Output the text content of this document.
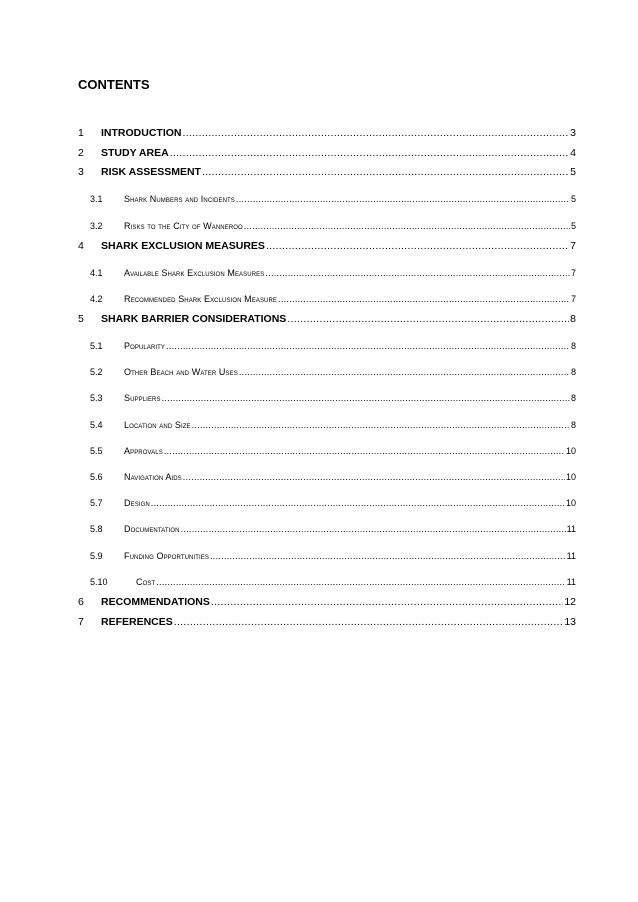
CONTENTS
1	INTRODUCTION .....	3
2	STUDY AREA .....	4
3	RISK ASSESSMENT .....	5
3.1	Shark Numbers and Incidents .....	5
3.2	Risks to the City of Wanneroo .....	5
4	SHARK EXCLUSION MEASURES .....	7
4.1	Available Shark Exclusion Measures .....	7
4.2	Recommended Shark Exclusion Measure .....	7
5	SHARK BARRIER CONSIDERATIONS .....	8
5.1	Popularity .....	8
5.2	Other Beach and Water Uses .....	8
5.3	Suppliers .....	8
5.4	Location and Size .....	8
5.5	Approvals .....	10
5.6	Navigation Aids .....	10
5.7	Design .....	10
5.8	Documentation .....	11
5.9	Funding Opportunities .....	11
5.10	Cost .....	11
6	RECOMMENDATIONS .....	12
7	REFERENCES .....	13
